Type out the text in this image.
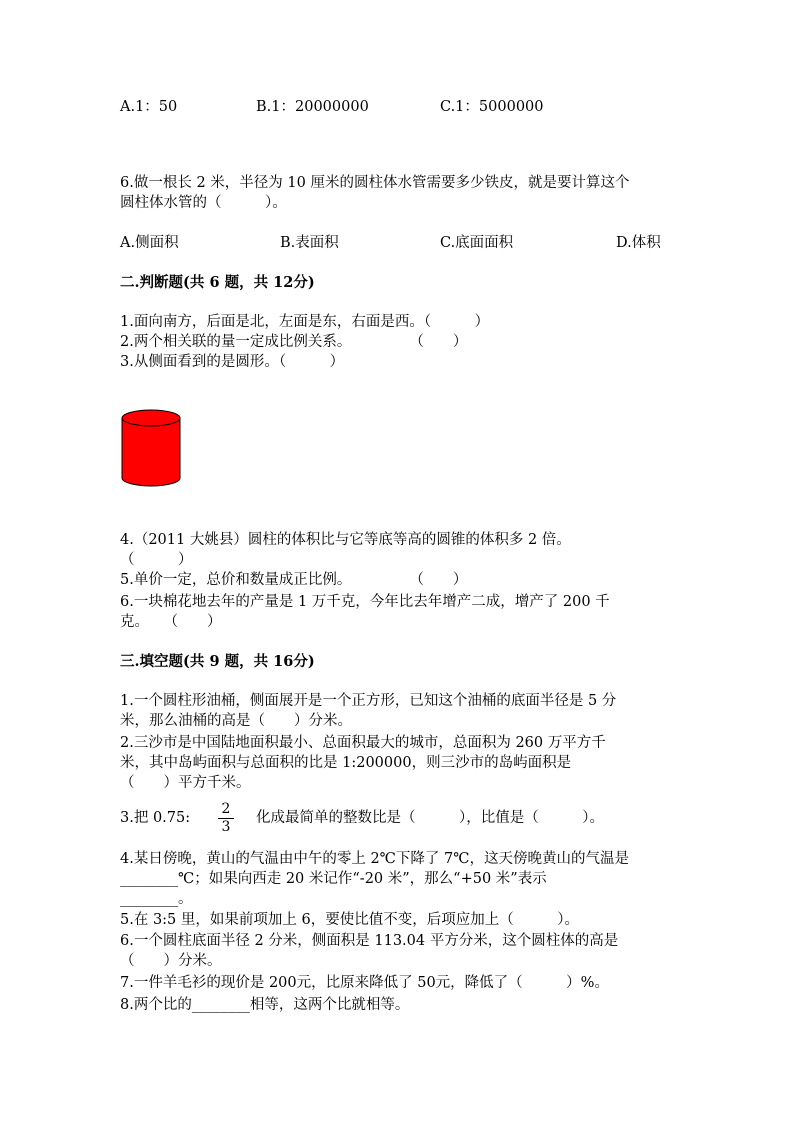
A.1：50	B.1：20000000	C.1：5000000
6.做一根长 2 米，半径为 10 厘米的圆柱体水管需要多少铁皮，就是要计算这个
圆柱体水管的（　　　）。
A.侧面积	B.表面积	C.底面面积	D.体积
二.判断题(共 6 题，共 12分)
1.面向南方，后面是北，左面是东，右面是西。（　　　）
2.两个相关联的量一定成比例关系。　　　　　（　　）
3.从侧面看到的是圆形。（　　　）
4.（2011 大姚县）圆柱的体积比与它等底等高的圆锥的体积多 2 倍。
（　　　）
5.单价一定，总价和数量成正比例。　　　　　（　　）
6.一块棉花地去年的产量是 1 万千克，今年比去年增产二成，增产了 200 千
克。　　（　　）
三.填空题(共 9 题，共 16分)
1.一个圆柱形油桶，侧面展开是一个正方形，已知这个油桶的底面半径是 5 分
米，那么油桶的高是（　　）分米。
2.三沙市是中国陆地面积最小、总面积最大的城市，总面积为 260 万平方千
米，其中岛屿面积与总面积的比是 1:200000，则三沙市的岛屿面积是
（　　）平方千米。
3.把 0.75: $\frac{2}{3}$ 化成最简单的整数比是（　　　），比值是（　　　）。
4.某日傍晚，黄山的气温由中午的零上 2℃下降了 7℃，这天傍晚黄山的气温是
________℃；如果向西走 20 米记作“-20 米”，那么“+50 米”表示
________。
5.在 3:5 里，如果前项加上 6，要使比值不变，后项应加上（　　　）。
6.一个圆柱底面半径 2 分米，侧面积是 113.04 平方分米，这个圆柱体的高是
（　　）分米。
7.一件羊毛衫的现价是 200元，比原来降低了 50元，降低了（　　　）%。
8.两个比的________相等，这两个比就相等。
